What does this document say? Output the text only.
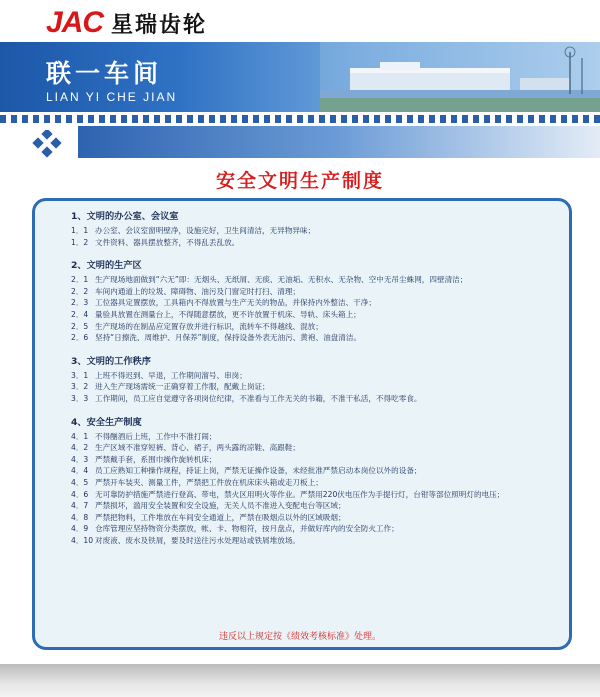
JAC 星瑞齿轮
联一车间
LIAN YI CHE JIAN
安全文明生产制度
1、文明的办公室、会议室
1．1 办公室、会议室窗明壁净，设施完好，卫生间清洁，无异物异味；
1．2 文件资料、器具摆放整齐，不得乱丢乱放。
2、文明的生产区
2．1 生产现场地面做到“六无”即：无烟头、无纸屑、无痰、无油垢、无积水、无杂物、空中无吊尘蛛网，四壁清洁；
2．2 车间内通道上的垃圾、障碍物、油污及门窗定时打扫、清理；
2．3 工位器具定置摆放，工具箱内不得放置与生产无关的物品，并保持内外整洁、干净；
2．4 量验具放置在测量台上，不得随意摆放，更不许放置于机床、导轨、床头箱上；
2．5 生产现场的在制品应定置存放并进行标识，流转车不得越线、混放；
2．6 坚持“日擦洗、周维护、月保养”制度，保持设备外表无油污、黄袍、油盘清洁。
3、文明的工作秩序
3．1 上班不得迟到、早退，工作期间溜号、串岗；
3．2 进入生产现场需统一正确穿着工作服，配戴上岗证；
3．3 工作期间，员工应自觉遵守各项岗位纪律，不准看与工作无关的书籍，不准干私活，不得吃零食。
4、安全生产制度
4．1 不得酗酒后上班，工作中不准打闹；
4．2 生产区域不准穿短裤、背心、裙子，两头露的凉鞋、高跟鞋；
4．3 严禁戴手套，系围巾操作旋转机床；
4．4 员工应熟知工种操作规程，持证上岗，严禁无证操作设备，未经批准严禁启动本岗位以外的设备；
4．5 严禁开车装夹、测量工件，严禁把工件放在机床床头箱或走刀板上；
4．6 无可靠防护措施严禁进行登高、带电，禁火区用明火等作业。严禁用220伏电压作为手提行灯，台钳等部位照明灯的电压；
4．7 严禁损坏，滥用安全装置和安全设施，无关人员不准进入变配电台等区域；
4．8 严禁把物料，工件堆放在车间安全通道上，严禁在吸烟点以外的区域吸烟；
4．9 仓库管理应坚持物资分类摆放，帐、卡、物相符，按月盘点，并做好库内的安全防火工作；
4．10 对废液、废水及铁屑，要及时送往污水处理站或铁屑堆放场。
违反以上规定按《绩效考核标准》处理。
